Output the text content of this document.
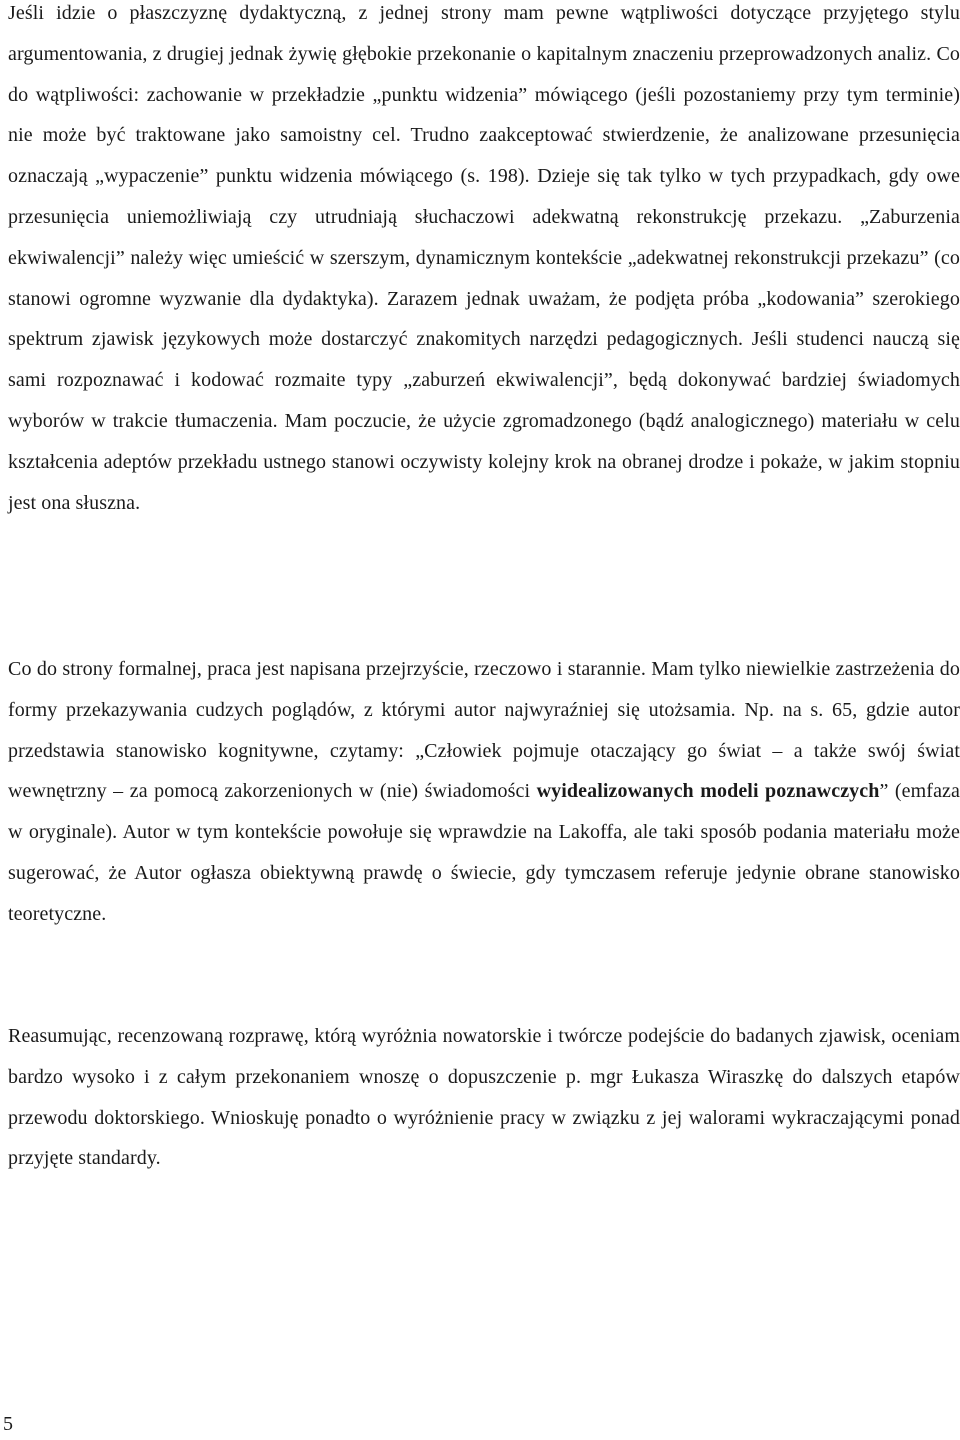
Jeśli idzie o płaszczyznę dydaktyczną, z jednej strony mam pewne wątpliwości dotyczące przyjętego stylu argumentowania, z drugiej jednak żywię głębokie przekonanie o kapitalnym znaczeniu przeprowadzonych analiz. Co do wątpliwości: zachowanie w przekładzie „punktu widzenia” mówiącego (jeśli pozostaniemy przy tym terminie) nie może być traktowane jako samoistny cel. Trudno zaakceptować stwierdzenie, że analizowane przesunięcia oznaczają „wypaczenie” punktu widzenia mówiącego (s. 198). Dzieje się tak tylko w tych przypadkach, gdy owe przesunięcia uniemożliwiają czy utrudniają słuchaczowi adekwatną rekonstrukcję przekazu. „Zaburzenia ekwiwalencji” należy więc umieścić w szerszym, dynamicznym kontekście „adekwatnej rekonstrukcji przekazu” (co stanowi ogromne wyzwanie dla dydaktyka). Zarazem jednak uważam, że podjęta próba „kodowania” szerokiego spektrum zjawisk językowych może dostarczyć znakomitych narzędzi pedagogicznych. Jeśli studenci nauczą się sami rozpoznawać i kodować rozmaite typy „zaburzeń ekwiwalencji”, będą dokonywać bardziej świadomych wyborów w trakcie tłumaczenia. Mam poczucie, że użycie zgromadzonego (bądź analogicznego) materiału w celu kształcenia adeptów przekładu ustnego stanowi oczywisty kolejny krok na obranej drodze i pokaże, w jakim stopniu jest ona słuszna.

Co do strony formalnej, praca jest napisana przejrzyście, rzeczowo i starannie. Mam tylko niewielkie zastrzeżenia do formy przekazywania cudzych poglądów, z którymi autor najwyraźniej się utożsamia. Np. na s. 65, gdzie autor przedstawia stanowisko kognitywne, czytamy: „Człowiek pojmuje otaczający go świat – a także swój świat wewnętrzny – za pomocą zakorzenionych w (nie) świadomości wyidealizowanych modeli poznawczych” (emfaza w oryginale). Autor w tym kontekście powołuje się wprawdzie na Lakoffa, ale taki sposób podania materiału może sugerować, że Autor ogłasza obiektywną prawdę o świecie, gdy tymczasem referuje jedynie obrane stanowisko teoretyczne.

Reasumując, recenzowaną rozprawę, którą wyróżnia nowatorskie i twórcze podejście do badanych zjawisk, oceniam bardzo wysoko i z całym przekonaniem wnoszę o dopuszczenie p. mgr Łukasza Wiraszkę do dalszych etapów przewodu doktorskiego. Wnioskuję ponadto o wyróżnienie pracy w związku z jej walorami wykraczającymi ponad przyjęte standardy.

5
